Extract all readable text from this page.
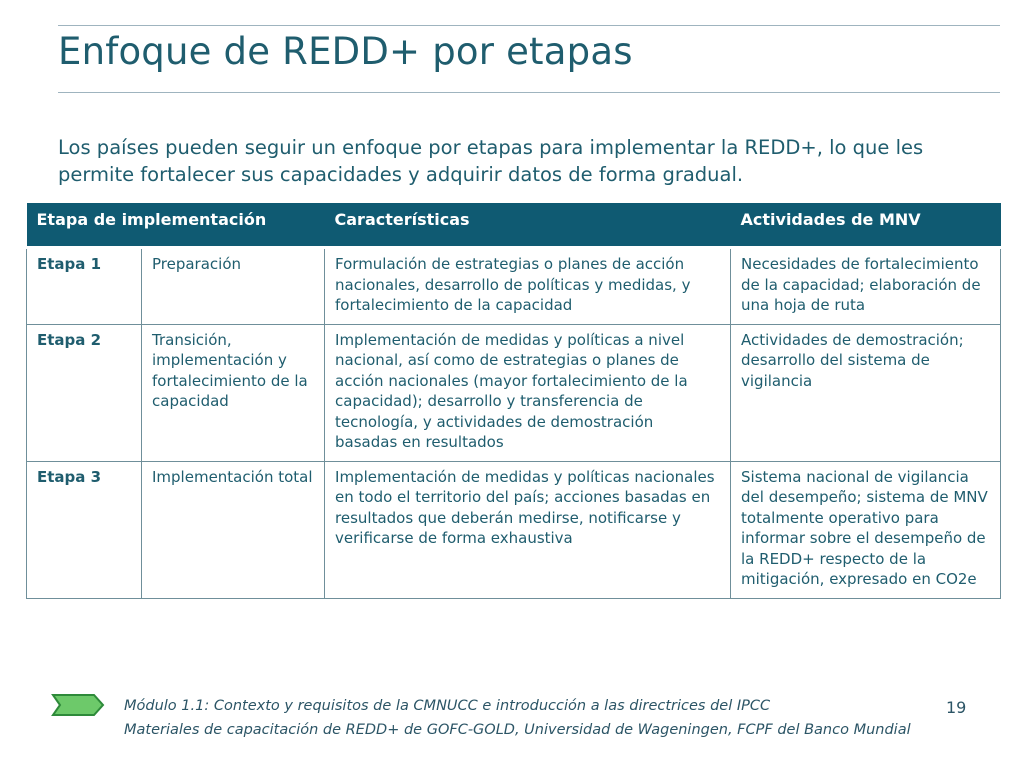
Enfoque de REDD+ por etapas

Los países pueden seguir un enfoque por etapas para implementar la REDD+, lo que les permite fortalecer sus capacidades y adquirir datos de forma gradual.

Etapa de implementación		Características	Actividades de MNV
Etapa 1	Preparación	Formulación de estrategias o planes de acción nacionales, desarrollo de políticas y medidas, y fortalecimiento de la capacidad	Necesidades de fortalecimiento de la capacidad; elaboración de una hoja de ruta
Etapa 2	Transición, implementación y fortalecimiento de la capacidad	Implementación de medidas y políticas a nivel nacional, así como de estrategias o planes de acción nacionales (mayor fortalecimiento de la capacidad); desarrollo y transferencia de tecnología, y actividades de demostración basadas en resultados	Actividades de demostración; desarrollo del sistema de vigilancia
Etapa 3	Implementación total	Implementación de medidas y políticas nacionales en todo el territorio del país; acciones basadas en resultados que deberán medirse, notificarse y verificarse de forma exhaustiva	Sistema nacional de vigilancia del desempeño; sistema de MNV totalmente operativo para informar sobre el desempeño de la REDD+ respecto de la mitigación, expresado en CO2e
Módulo 1.1: Contexto y requisitos de la CMNUCC e introducción a las directrices del IPCC
Materiales de capacitación de REDD+ de GOFC-GOLD, Universidad de Wageningen, FCPF del Banco Mundial
19
